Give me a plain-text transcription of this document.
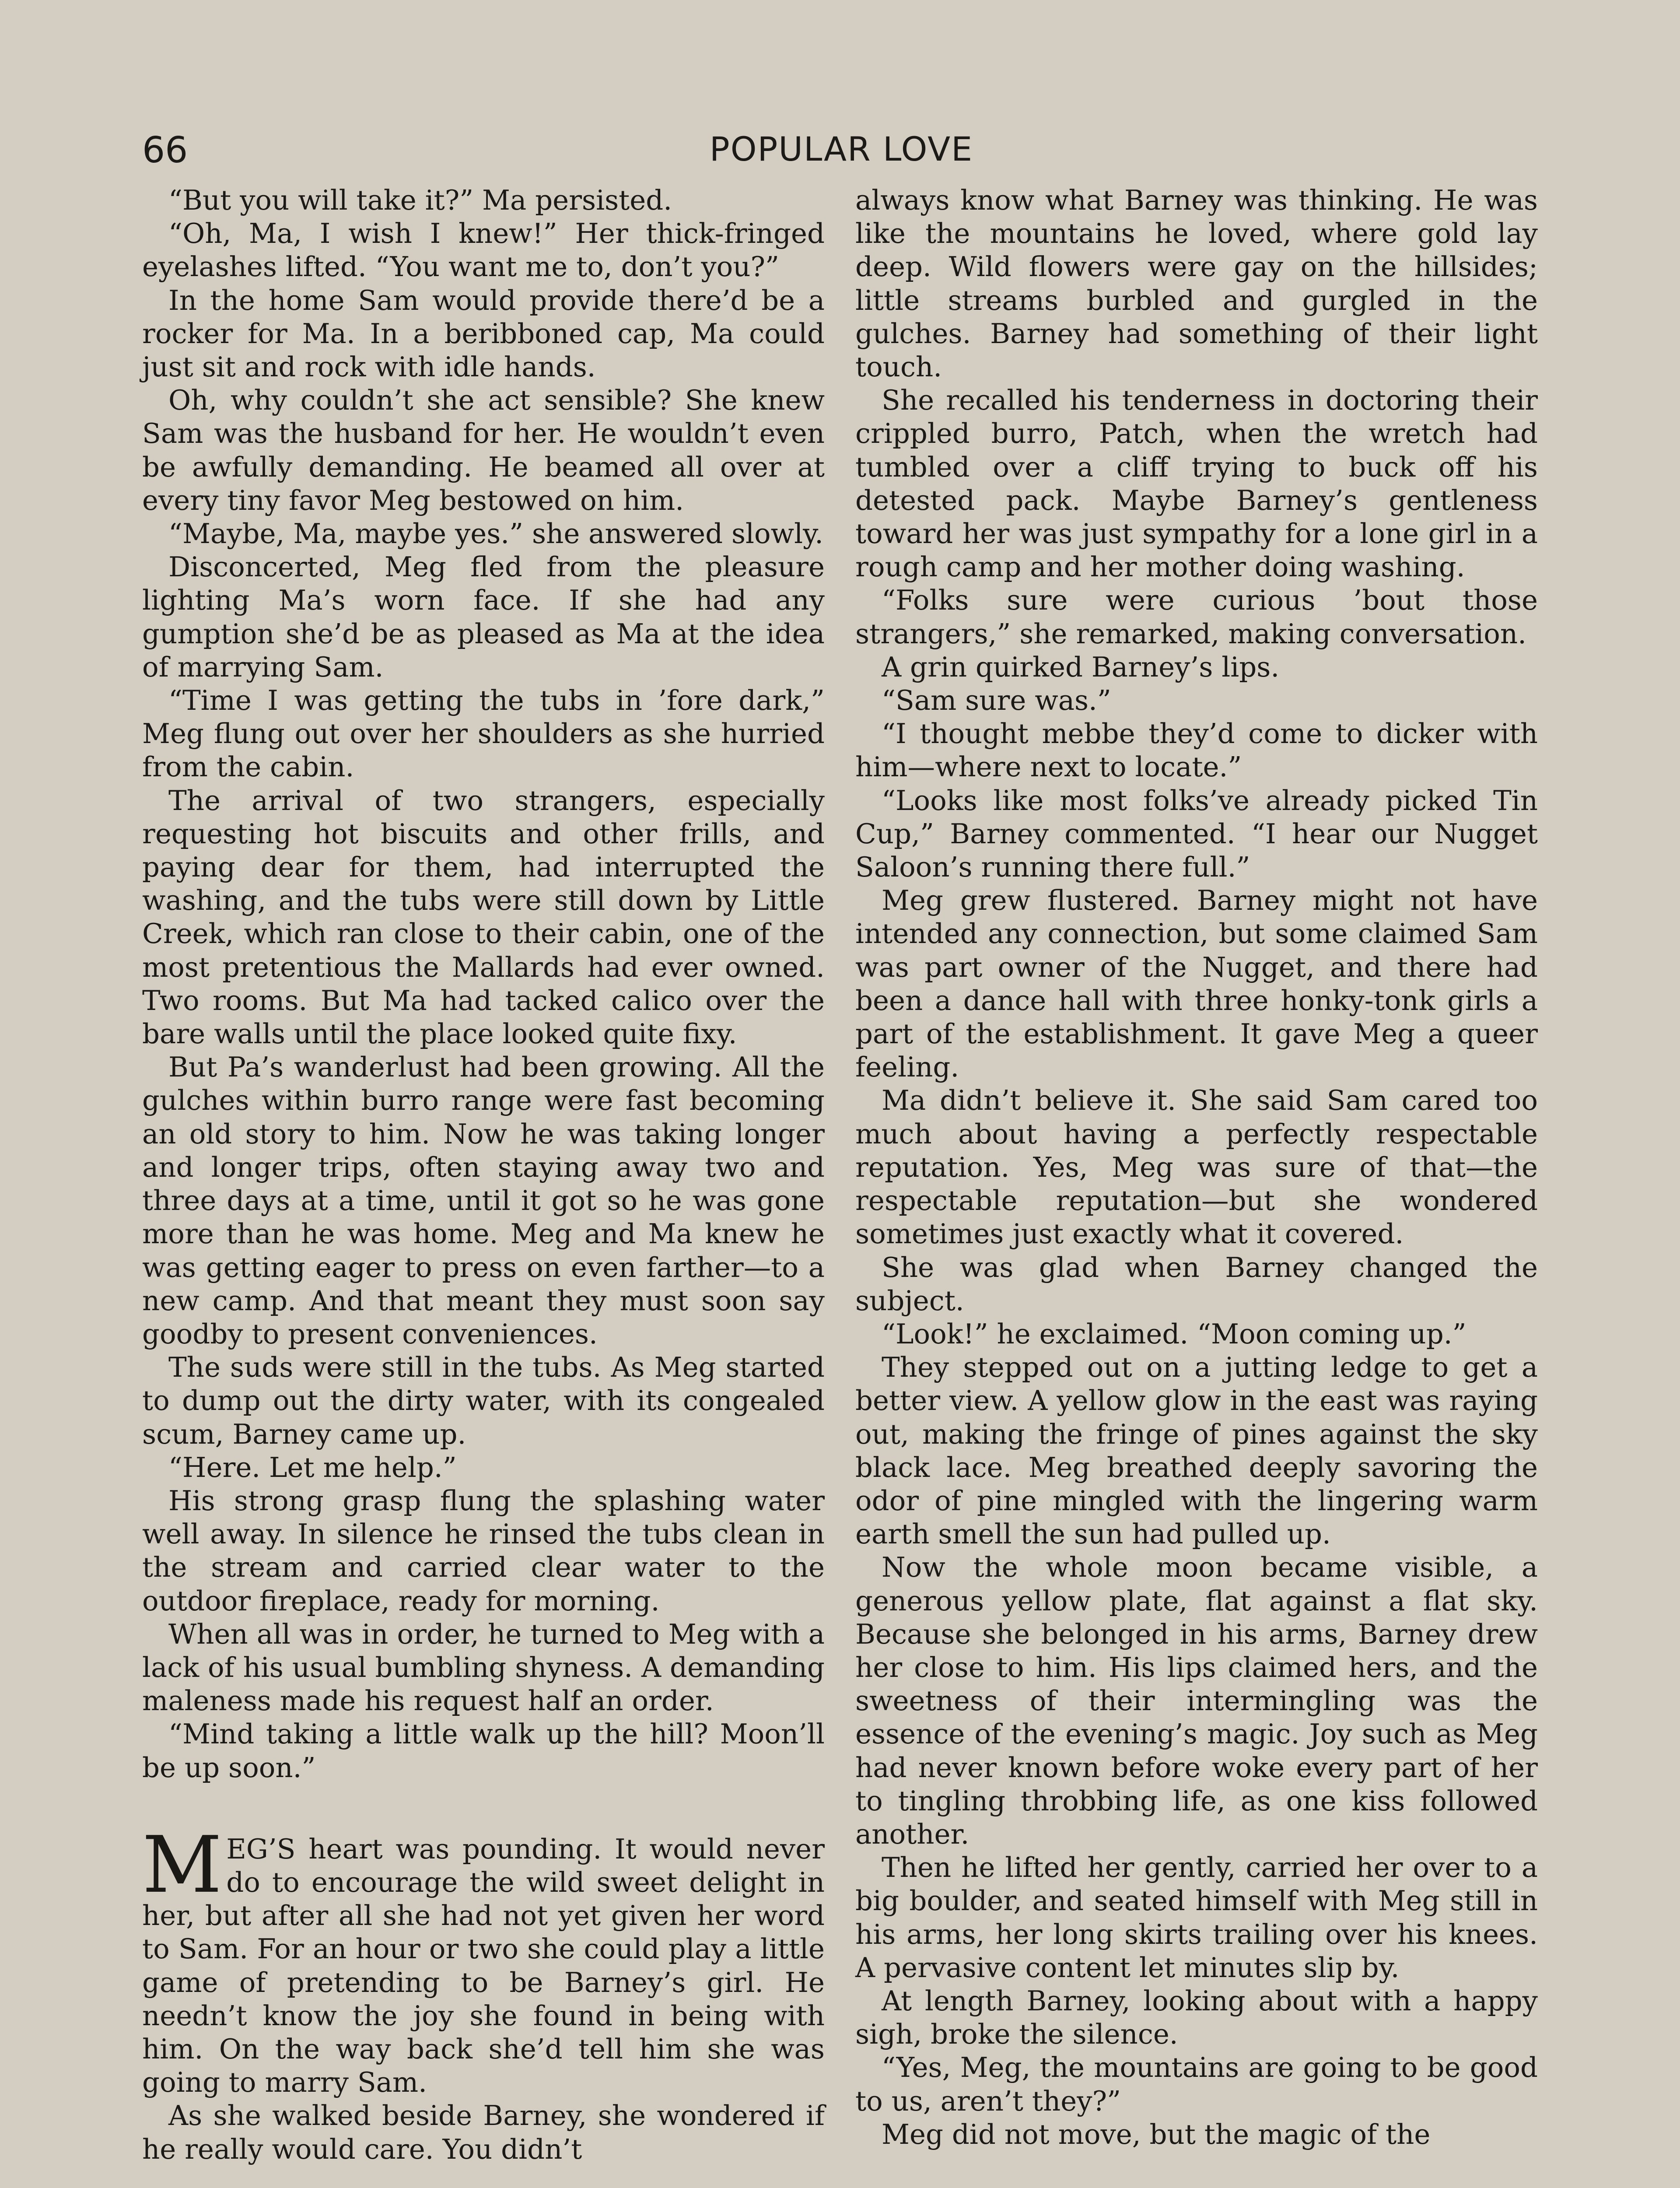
66	POPULAR LOVE

“But you will take it?” Ma persisted.

“Oh, Ma, I wish I knew!” Her thick-fringed eyelashes lifted. “You want me to, don’t you?”

In the home Sam would provide there’d be a rocker for Ma. In a beribboned cap, Ma could just sit and rock with idle hands.

Oh, why couldn’t she act sensible? She knew Sam was the husband for her. He wouldn’t even be awfully demanding. He beamed all over at every tiny favor Meg bestowed on him.

“Maybe, Ma, maybe yes.” she answered slowly.

Disconcerted, Meg fled from the pleasure lighting Ma’s worn face. If she had any gumption she’d be as pleased as Ma at the idea of marrying Sam.

“Time I was getting the tubs in ’fore dark,” Meg flung out over her shoulders as she hurried from the cabin.

The arrival of two strangers, especially requesting hot biscuits and other frills, and paying dear for them, had interrupted the washing, and the tubs were still down by Little Creek, which ran close to their cabin, one of the most pretentious the Mallards had ever owned. Two rooms. But Ma had tacked calico over the bare walls until the place looked quite fixy.

But Pa’s wanderlust had been growing. All the gulches within burro range were fast becoming an old story to him. Now he was taking longer and longer trips, often staying away two and three days at a time, until it got so he was gone more than he was home. Meg and Ma knew he was getting eager to press on even farther—to a new camp. And that meant they must soon say goodby to present conveniences.

The suds were still in the tubs. As Meg started to dump out the dirty water, with its congealed scum, Barney came up.

“Here. Let me help.”

His strong grasp flung the splashing water well away. In silence he rinsed the tubs clean in the stream and carried clear water to the outdoor fireplace, ready for morning.

When all was in order, he turned to Meg with a lack of his usual bumbling shyness. A demanding maleness made his request half an order.

“Mind taking a little walk up the hill? Moon’ll be up soon.”

MEG’S heart was pounding. It would never do to encourage the wild sweet delight in her, but after all she had not yet given her word to Sam. For an hour or two she could play a little game of pretending to be Barney’s girl. He needn’t know the joy she found in being with him. On the way back she’d tell him she was going to marry Sam.

As she walked beside Barney, she wondered if he really would care. You didn’t

always know what Barney was thinking. He was like the mountains he loved, where gold lay deep. Wild flowers were gay on the hillsides; little streams burbled and gurgled in the gulches. Barney had something of their light touch.

She recalled his tenderness in doctoring their crippled burro, Patch, when the wretch had tumbled over a cliff trying to buck off his detested pack. Maybe Barney’s gentleness toward her was just sympathy for a lone girl in a rough camp and her mother doing washing.

“Folks sure were curious ’bout those strangers,” she remarked, making conversation.

A grin quirked Barney’s lips.

“Sam sure was.”

“I thought mebbe they’d come to dicker with him—where next to locate.”

“Looks like most folks’ve already picked Tin Cup,” Barney commented. “I hear our Nugget Saloon’s running there full.”

Meg grew flustered. Barney might not have intended any connection, but some claimed Sam was part owner of the Nugget, and there had been a dance hall with three honky-tonk girls a part of the establishment. It gave Meg a queer feeling.

Ma didn’t believe it. She said Sam cared too much about having a perfectly respectable reputation. Yes, Meg was sure of that—the respectable reputation—but she wondered sometimes just exactly what it covered.

She was glad when Barney changed the subject.

“Look!” he exclaimed. “Moon coming up.”

They stepped out on a jutting ledge to get a better view. A yellow glow in the east was raying out, making the fringe of pines against the sky black lace. Meg breathed deeply savoring the odor of pine mingled with the lingering warm earth smell the sun had pulled up.

Now the whole moon became visible, a generous yellow plate, flat against a flat sky. Because she belonged in his arms, Barney drew her close to him. His lips claimed hers, and the sweetness of their intermingling was the essence of the evening’s magic. Joy such as Meg had never known before woke every part of her to tingling throbbing life, as one kiss followed another.

Then he lifted her gently, carried her over to a big boulder, and seated himself with Meg still in his arms, her long skirts trailing over his knees. A pervasive content let minutes slip by.

At length Barney, looking about with a happy sigh, broke the silence.

“Yes, Meg, the mountains are going to be good to us, aren’t they?”

Meg did not move, but the magic of the
